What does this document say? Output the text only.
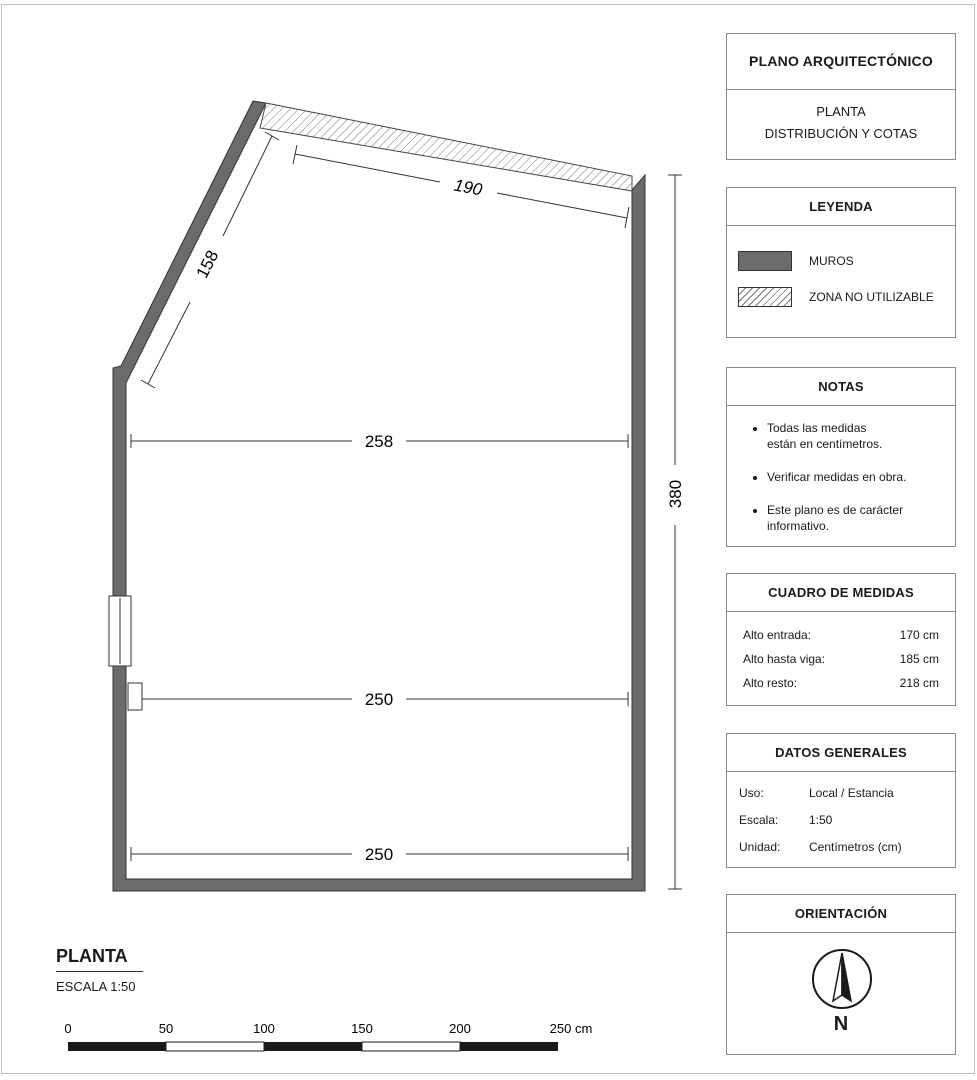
190
158
258
250
250
380
0	50	100	150	200	250 cm
PLANTA
ESCALA 1:50
PLANO ARQUITECTÓNICO
PLANTA
DISTRIBUCIÓN Y COTAS
LEYENDA
MUROS
ZONA NO UTILIZABLE
NOTAS
• Todas las medidas
están en centímetros.
• Verificar medidas en obra.
• Este plano es de carácter
informativo.
CUADRO DE MEDIDAS
Alto entrada:	170 cm
Alto hasta viga:	185 cm
Alto resto:	218 cm
DATOS GENERALES
Uso:	Local / Estancia
Escala:	1:50
Unidad: Centímetros (cm)
ORIENTACIÓN
N
